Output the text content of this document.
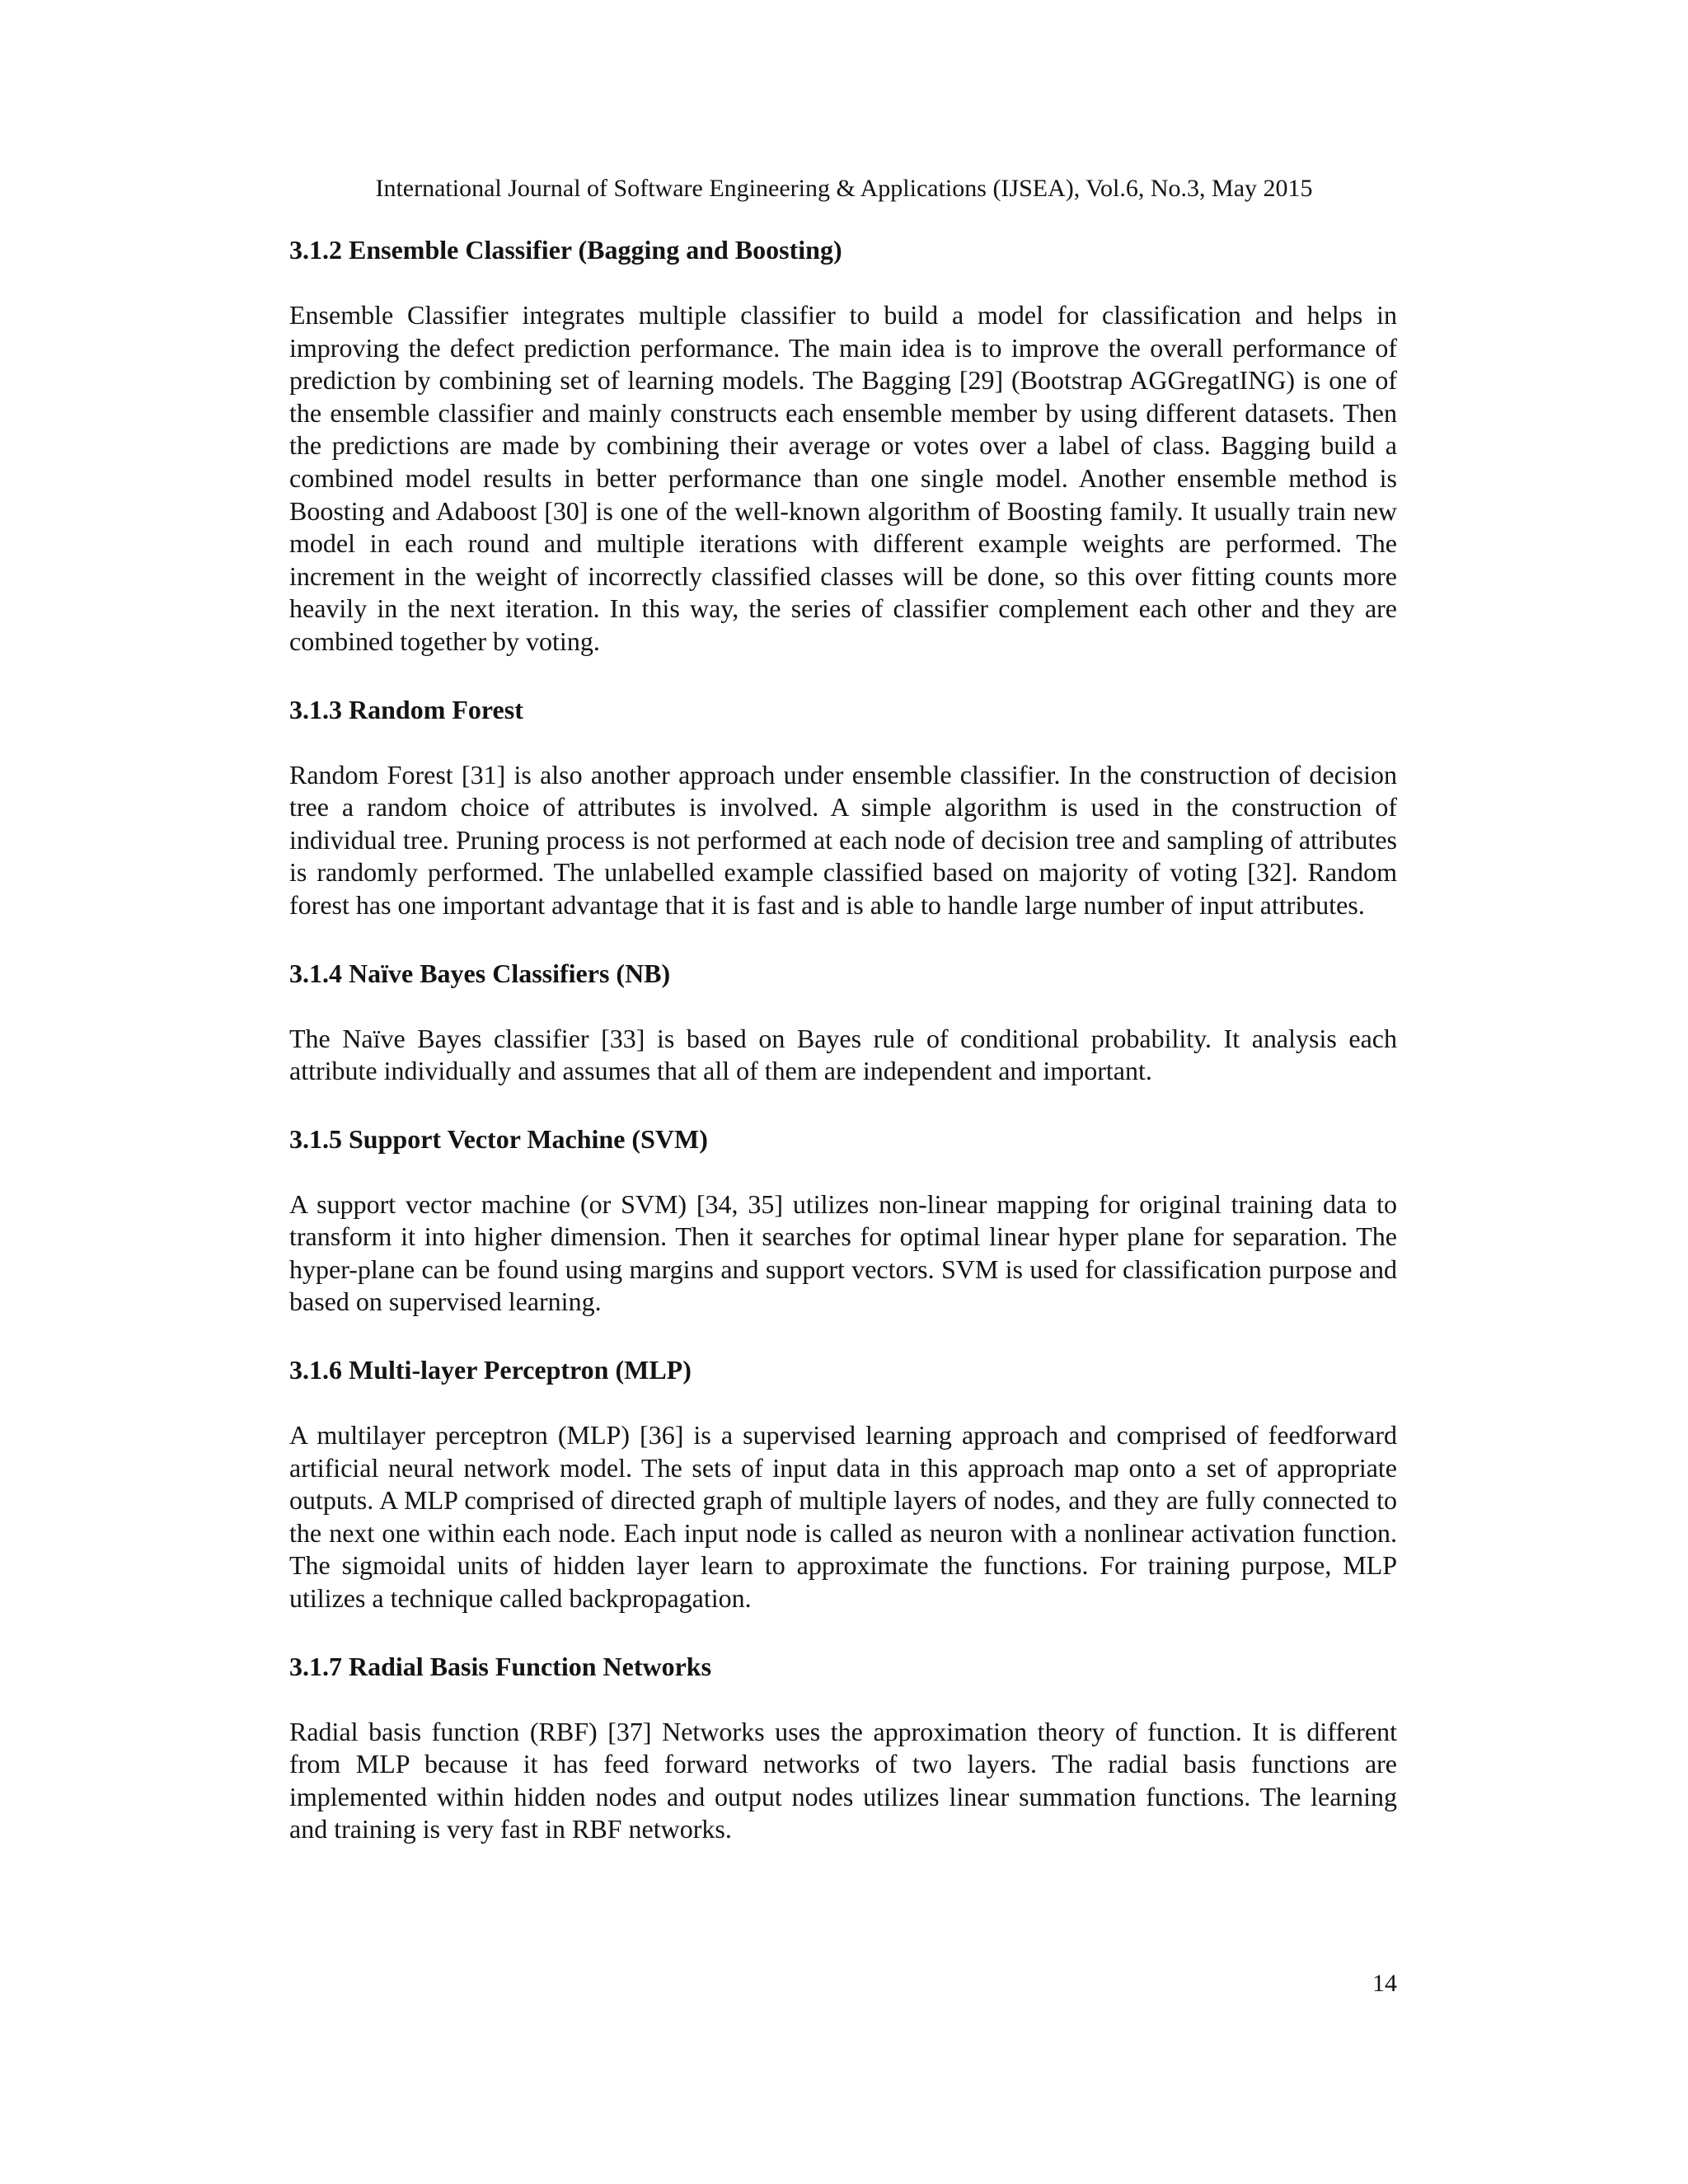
International Journal of Software Engineering & Applications (IJSEA), Vol.6, No.3, May 2015
3.1.2 Ensemble Classifier (Bagging and Boosting)

Ensemble Classifier integrates multiple classifier to build a model for classification and helps in improving the defect prediction performance. The main idea is to improve the overall performance of prediction by combining set of learning models. The Bagging [29] (Bootstrap AGGregatING) is one of the ensemble classifier and mainly constructs each ensemble member by using different datasets. Then the predictions are made by combining their average or votes over a label of class. Bagging build a combined model results in better performance than one single model. Another ensemble method is Boosting and Adaboost [30] is one of the well-known algorithm of Boosting family. It usually train new model in each round and multiple iterations with different example weights are performed. The increment in the weight of incorrectly classified classes will be done, so this over fitting counts more heavily in the next iteration. In this way, the series of classifier complement each other and they are combined together by voting.

3.1.3 Random Forest

Random Forest [31] is also another approach under ensemble classifier. In the construction of decision tree a random choice of attributes is involved. A simple algorithm is used in the construction of individual tree. Pruning process is not performed at each node of decision tree and sampling of attributes is randomly performed. The unlabelled example classified based on majority of voting [32]. Random forest has one important advantage that it is fast and is able to handle large number of input attributes.

3.1.4 Naïve Bayes Classifiers (NB)

The Naïve Bayes classifier [33] is based on Bayes rule of conditional probability. It analysis each attribute individually and assumes that all of them are independent and important.

3.1.5 Support Vector Machine (SVM)

A support vector machine (or SVM) [34, 35] utilizes non-linear mapping for original training data to transform it into higher dimension. Then it searches for optimal linear hyper plane for separation. The hyper-plane can be found using margins and support vectors. SVM is used for classification purpose and based on supervised learning.

3.1.6 Multi-layer Perceptron (MLP)

A multilayer perceptron (MLP) [36] is a supervised learning approach and comprised of feedforward artificial neural network model. The sets of input data in this approach map onto a set of appropriate outputs. A MLP comprised of directed graph of multiple layers of nodes, and they are fully connected to the next one within each node. Each input node is called as neuron with a nonlinear activation function. The sigmoidal units of hidden layer learn to approximate the functions. For training purpose, MLP utilizes a technique called backpropagation.

3.1.7 Radial Basis Function Networks

Radial basis function (RBF) [37] Networks uses the approximation theory of function. It is different from MLP because it has feed forward networks of two layers. The radial basis functions are implemented within hidden nodes and output nodes utilizes linear summation functions. The learning and training is very fast in RBF networks.

14
